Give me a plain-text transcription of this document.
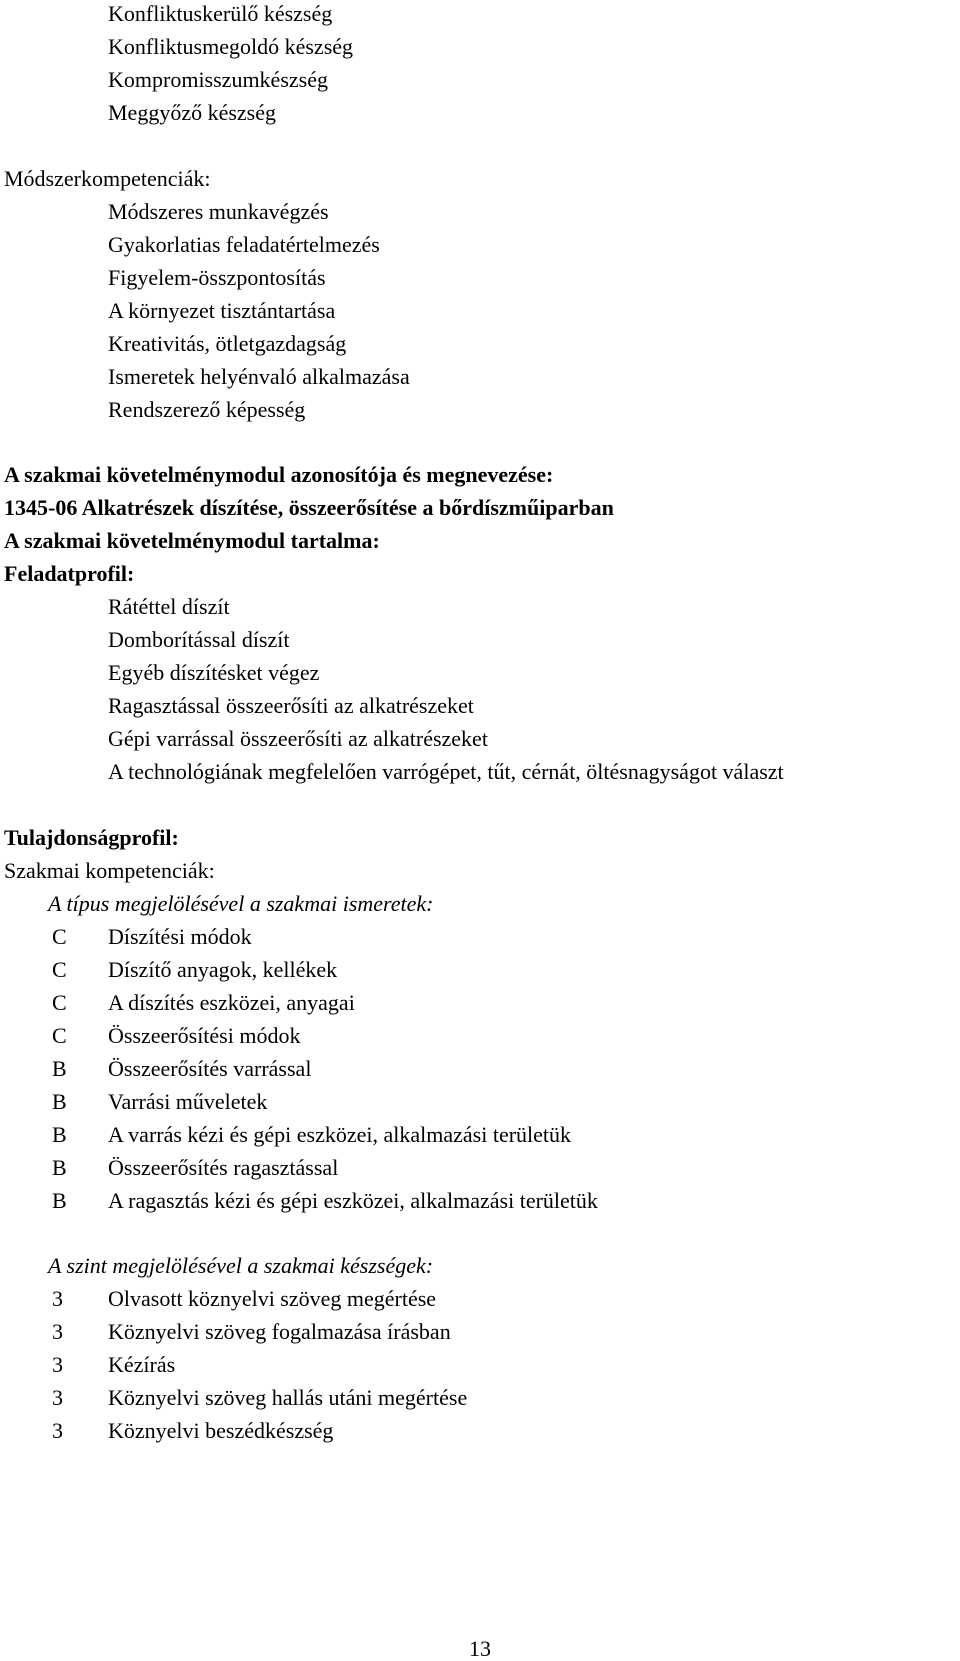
Konfliktuskerülő készség
Konfliktusmegoldó készség
Kompromisszumkészség
Meggyőző készség
Módszerkompetenciák:
Módszeres munkavégzés
Gyakorlatias feladatértelmezés
Figyelem-összpontosítás
A környezet tisztántartása
Kreativitás, ötletgazdagság
Ismeretek helyénvaló alkalmazása
Rendszerező képesség
A szakmai követelménymodul azonosítója és megnevezése:
1345-06 Alkatrészek díszítése, összeerősítése a bőrdíszműiparban
A szakmai követelménymodul tartalma:
Feladatprofil:
Rátéttel díszít
Domborítással díszít
Egyéb díszítésket végez
Ragasztással összeerősíti az alkatrészeket
Gépi varrással összeerősíti az alkatrészeket
A technológiának megfelelően varrógépet, tűt, cérnát, öltésnagyságot választ
Tulajdonságprofil:
Szakmai kompetenciák:
A típus megjelölésével a szakmai ismeretek:
C Díszítési módok
C Díszítő anyagok, kellékek
C A díszítés eszközei, anyagai
C Összeerősítési módok
B Összeerősítés varrással
B Varrási műveletek
B A varrás kézi és gépi eszközei, alkalmazási területük
B Összeerősítés ragasztással
B A ragasztás kézi és gépi eszközei, alkalmazási területük
A szint megjelölésével a szakmai készségek:
3 Olvasott köznyelvi szöveg megértése
3 Köznyelvi szöveg fogalmazása írásban
3 Kézírás
3 Köznyelvi szöveg hallás utáni megértése
3 Köznyelvi beszédkészség
13
